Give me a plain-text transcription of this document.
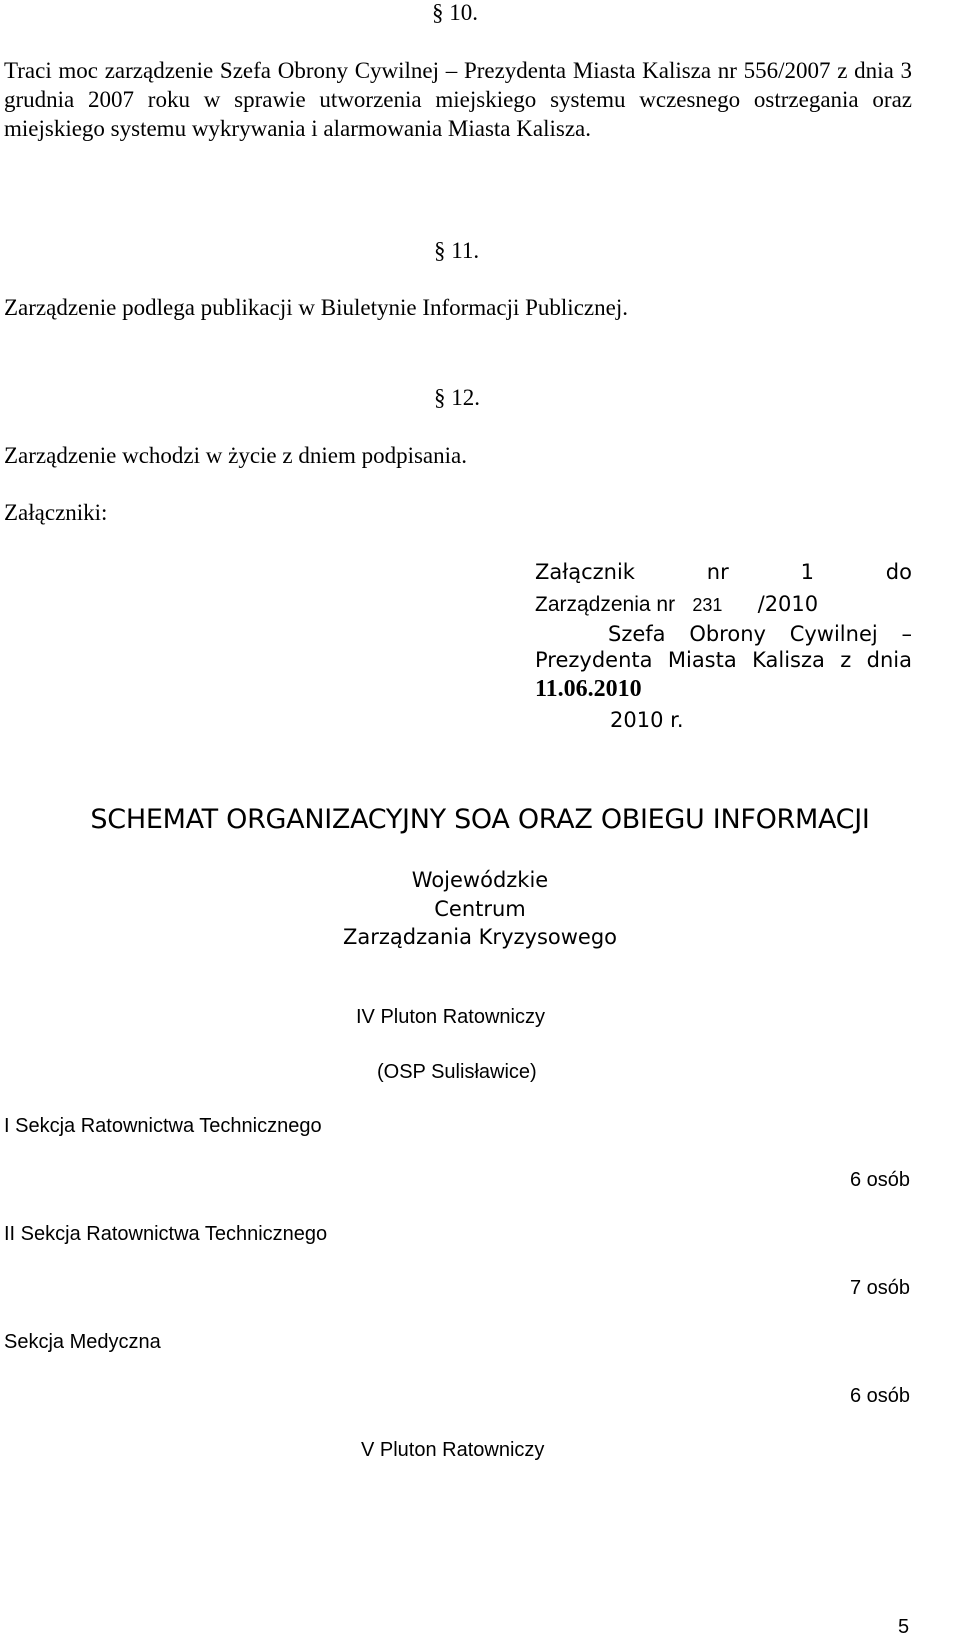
§ 10.
Traci moc zarządzenie Szefa Obrony Cywilnej – Prezydenta Miasta Kalisza nr 556/2007 z dnia 3 grudnia 2007 roku w sprawie utworzenia miejskiego systemu wczesnego ostrzegania oraz miejskiego systemu wykrywania i alarmowania Miasta Kalisza.
§ 11.
Zarządzenie podlega publikacji w Biuletynie Informacji Publicznej.
§ 12.
Zarządzenie wchodzi w życie z dniem podpisania.
Załączniki:
Załącznik	nr	1	do
Zarządzenia nr 231 /2010
Szefa Obrony Cywilnej –
Prezydenta Miasta Kalisza z dnia
11.06.2010
2010 r.
SCHEMAT ORGANIZACYJNY SOA ORAZ OBIEGU INFORMACJI
Wojewódzkie
Centrum
Zarządzania Kryzysowego
IV Pluton Ratowniczy
(OSP Sulisławice)
I Sekcja Ratownictwa Technicznego
6 osób
II Sekcja Ratownictwa Technicznego
7 osób
Sekcja Medyczna
6 osób
V Pluton Ratowniczy
5
